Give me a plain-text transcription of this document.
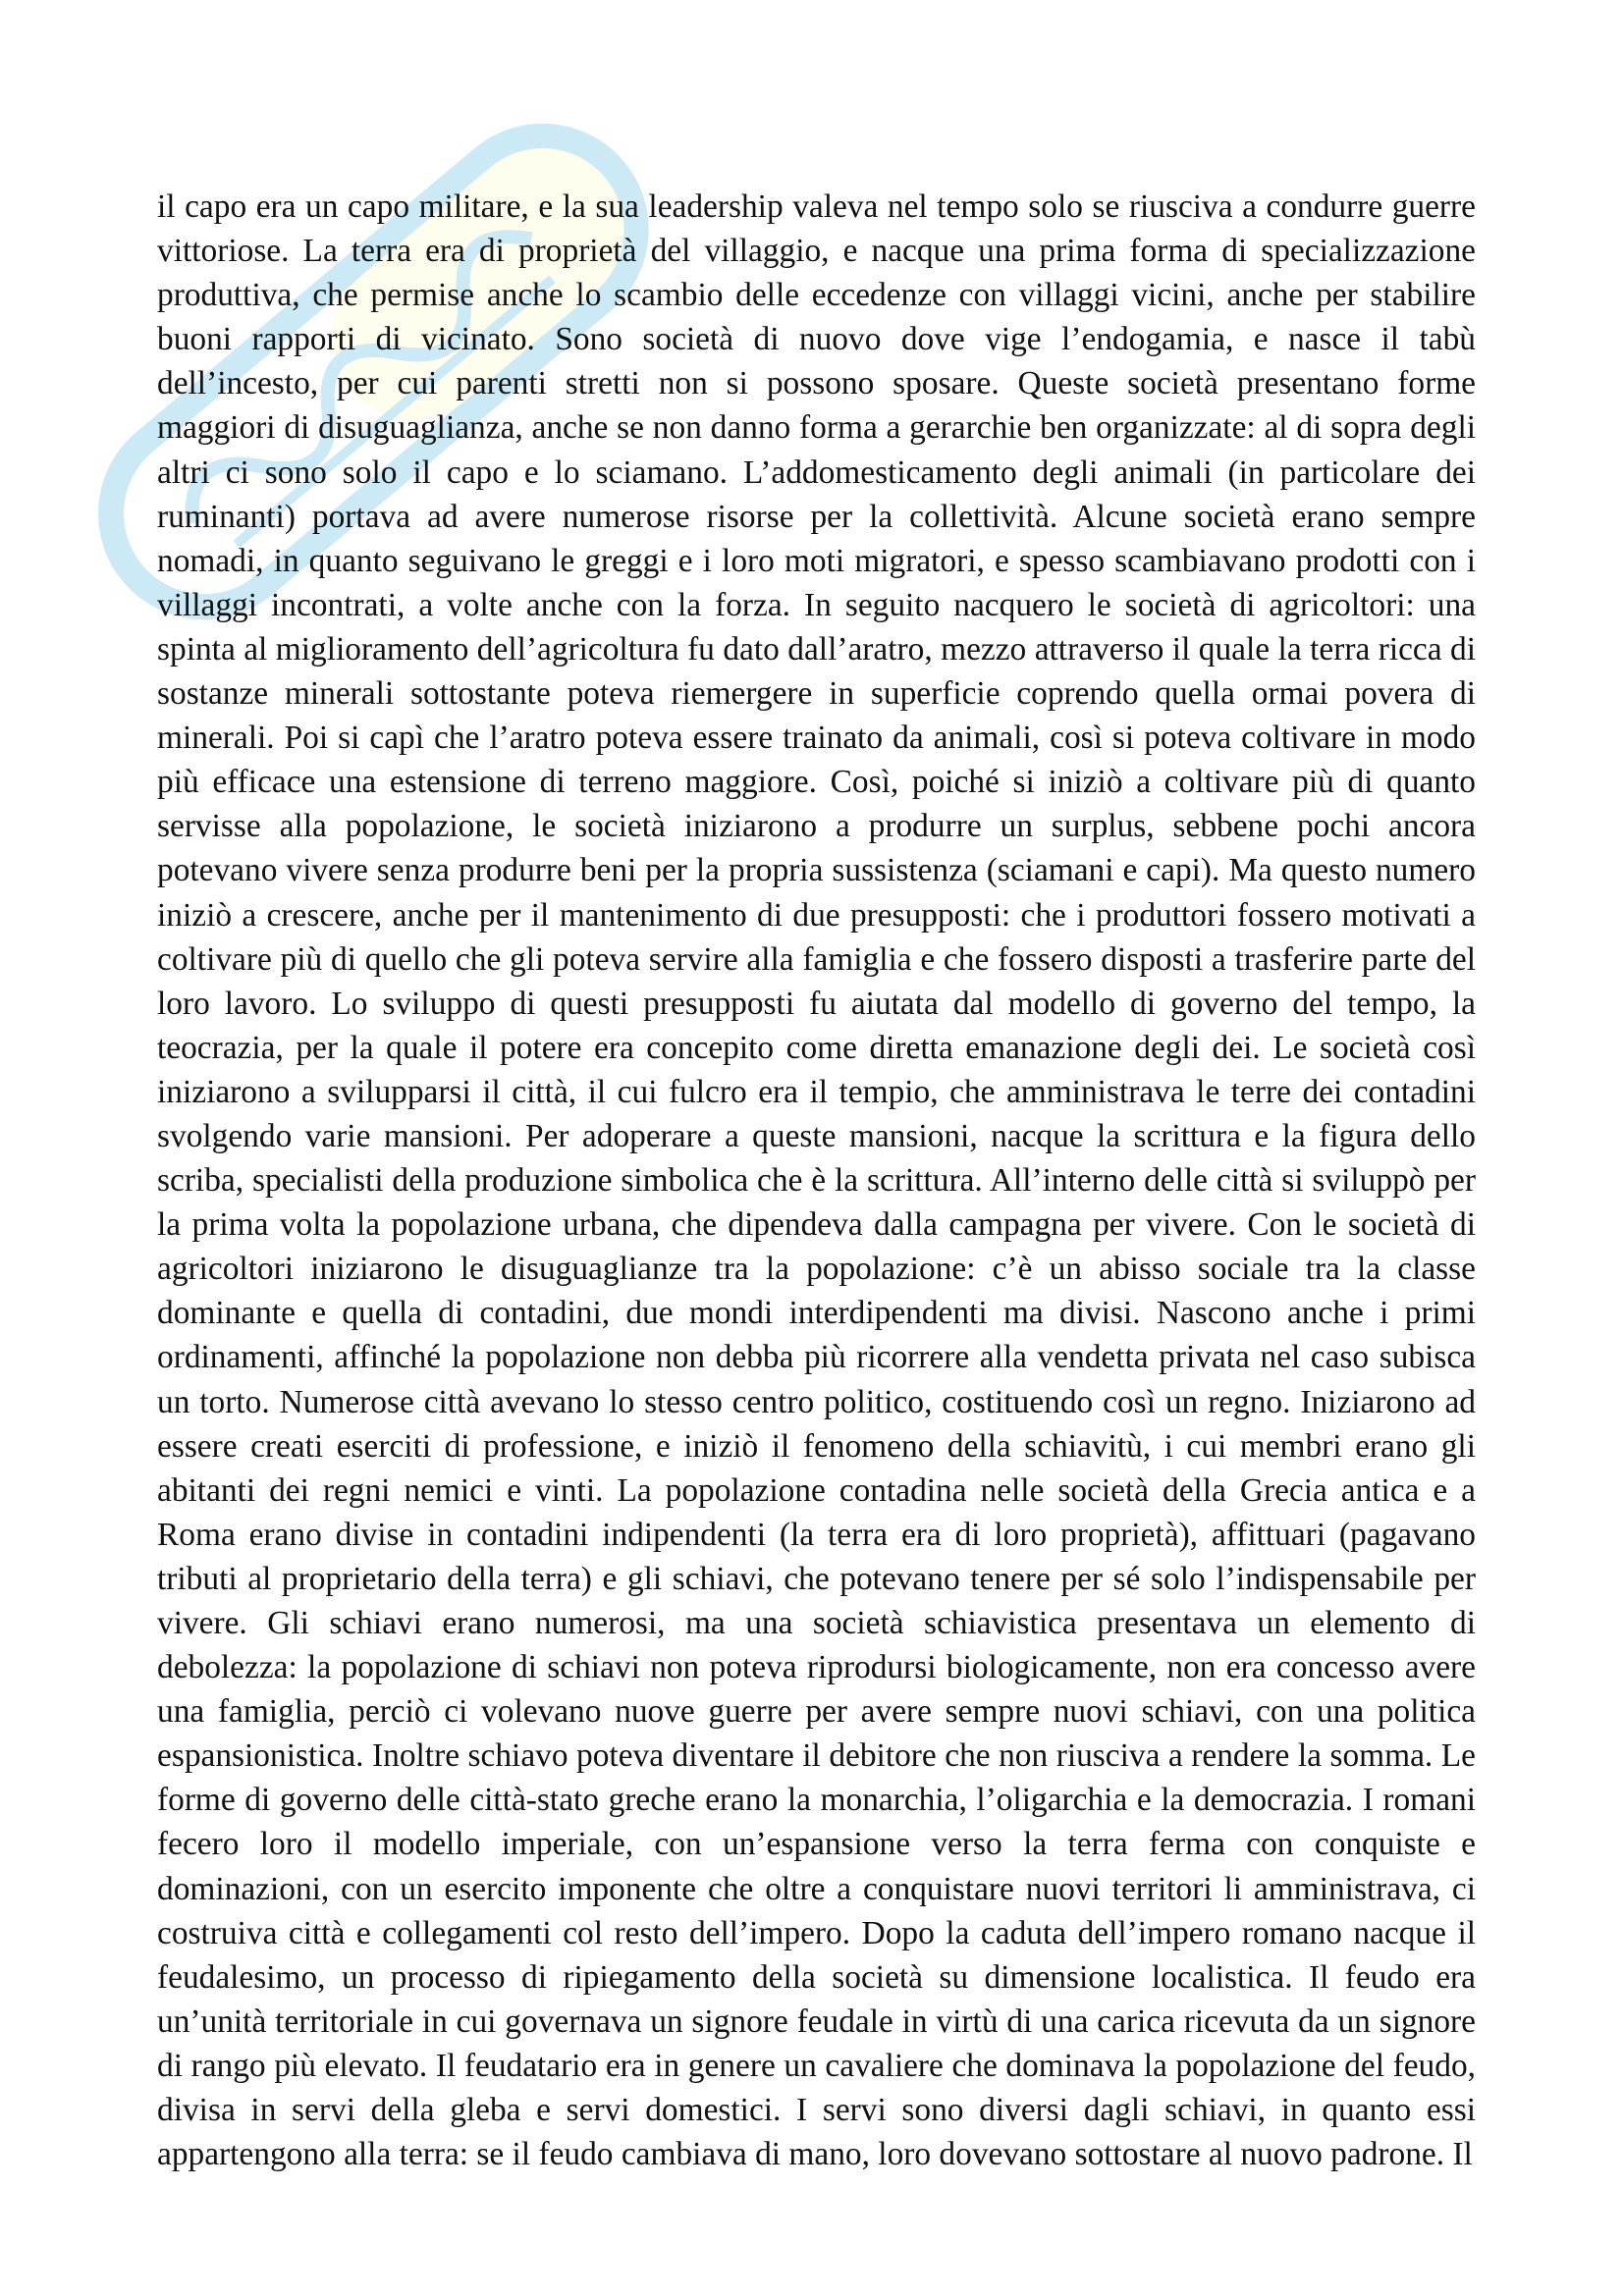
il capo era un capo militare, e la sua leadership valeva nel tempo solo se riusciva a condurre guerre vittoriose. La terra era di proprietà del villaggio, e nacque una prima forma di specializzazione produttiva, che permise anche lo scambio delle eccedenze con villaggi vicini, anche per stabilire buoni rapporti di vicinato. Sono società di nuovo dove vige l’endogamia, e nasce il tabù dell’incesto, per cui parenti stretti non si possono sposare. Queste società presentano forme maggiori di disuguaglianza, anche se non danno forma a gerarchie ben organizzate: al di sopra degli altri ci sono solo il capo e lo sciamano. L’addomesticamento degli animali (in particolare dei ruminanti) portava ad avere numerose risorse per la collettività. Alcune società erano sempre nomadi, in quanto seguivano le greggi e i loro moti migratori, e spesso scambiavano prodotti con i villaggi incontrati, a volte anche con la forza. In seguito nacquero le società di agricoltori: una spinta al miglioramento dell’agricoltura fu dato dall’aratro, mezzo attraverso il quale la terra ricca di sostanze minerali sottostante poteva riemergere in superficie coprendo quella ormai povera di minerali. Poi si capì che l’aratro poteva essere trainato da animali, così si poteva coltivare in modo più efficace una estensione di terreno maggiore. Così, poiché si iniziò a coltivare più di quanto servisse alla popolazione, le società iniziarono a produrre un surplus, sebbene pochi ancora potevano vivere senza produrre beni per la propria sussistenza (sciamani e capi). Ma questo numero iniziò a crescere, anche per il mantenimento di due presupposti: che i produttori fossero motivati a coltivare più di quello che gli poteva servire alla famiglia e che fossero disposti a trasferire parte del loro lavoro. Lo sviluppo di questi presupposti fu aiutata dal modello di governo del tempo, la teocrazia, per la quale il potere era concepito come diretta emanazione degli dei. Le società così iniziarono a svilupparsi il città, il cui fulcro era il tempio, che amministrava le terre dei contadini svolgendo varie mansioni. Per adoperare a queste mansioni, nacque la scrittura e la figura dello scriba, specialisti della produzione simbolica che è la scrittura. All’interno delle città si sviluppò per la prima volta la popolazione urbana, che dipendeva dalla campagna per vivere. Con le società di agricoltori iniziarono le disuguaglianze tra la popolazione: c’è un abisso sociale tra la classe dominante e quella di contadini, due mondi interdipendenti ma divisi. Nascono anche i primi ordinamenti, affinché la popolazione non debba più ricorrere alla vendetta privata nel caso subisca un torto. Numerose città avevano lo stesso centro politico, costituendo così un regno. Iniziarono ad essere creati eserciti di professione, e iniziò il fenomeno della schiavitù, i cui membri erano gli abitanti dei regni nemici e vinti. La popolazione contadina nelle società della Grecia antica e a Roma erano divise in contadini indipendenti (la terra era di loro proprietà), affittuari (pagavano tributi al proprietario della terra) e gli schiavi, che potevano tenere per sé solo l’indispensabile per vivere. Gli schiavi erano numerosi, ma una società schiavistica presentava un elemento di debolezza: la popolazione di schiavi non poteva riprodursi biologicamente, non era concesso avere una famiglia, perciò ci volevano nuove guerre per avere sempre nuovi schiavi, con una politica espansionistica. Inoltre schiavo poteva diventare il debitore che non riusciva a rendere la somma. Le forme di governo delle città-stato greche erano la monarchia, l’oligarchia e la democrazia. I romani fecero loro il modello imperiale, con un’espansione verso la terra ferma con conquiste e dominazioni, con un esercito imponente che oltre a conquistare nuovi territori li amministrava, ci costruiva città e collegamenti col resto dell’impero. Dopo la caduta dell’impero romano nacque il feudalesimo, un processo di ripiegamento della società su dimensione localistica. Il feudo era un’unità territoriale in cui governava un signore feudale in virtù di una carica ricevuta da un signore di rango più elevato. Il feudatario era in genere un cavaliere che dominava la popolazione del feudo, divisa in servi della gleba e servi domestici. I servi sono diversi dagli schiavi, in quanto essi appartengono alla terra: se il feudo cambiava di mano, loro dovevano sottostare al nuovo padrone. Il
